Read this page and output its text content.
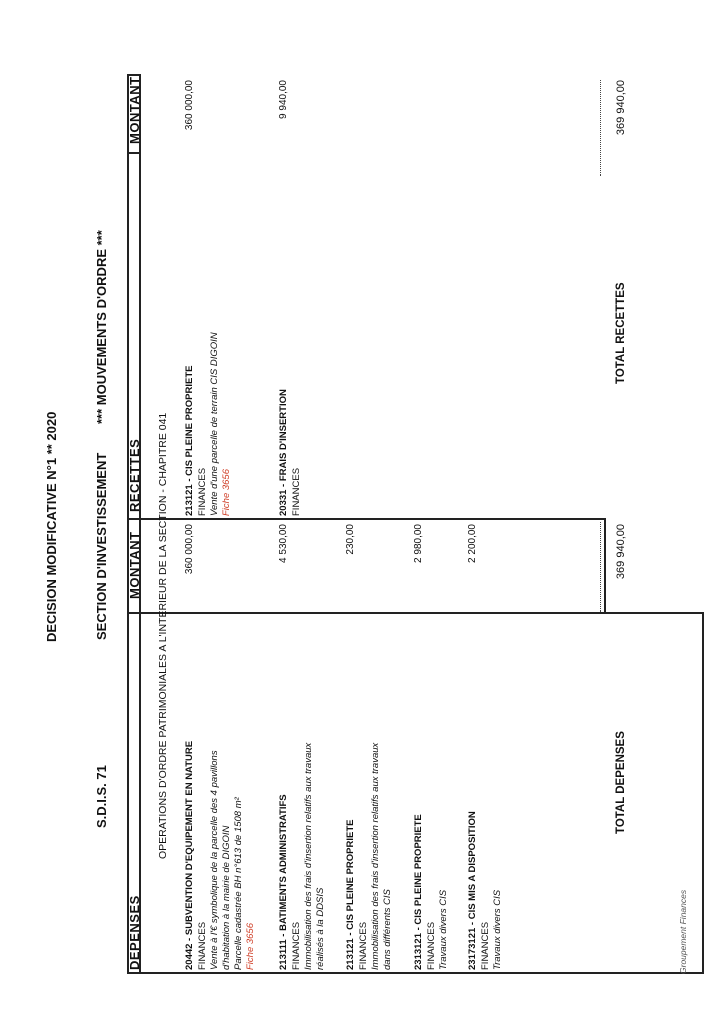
DECISION MODIFICATIVE N°1 ** 2020
S.D.I.S. 71
SECTION D'INVESTISSEMENT
*** MOUVEMENTS D'ORDRE ***
DEPENSES
MONTANT
RECETTES
MONTANT
OPERATIONS D'ORDRE PATRIMONIALES A L'INTERIEUR DE LA SECTION - CHAPITRE 041 20442 - SUBVENTION D'EQUIPEMENT EN NATURE FINANCES Vente à l'€ symbolique de la parcelle des 4 pavillons d'habitation à la mairie de DIGOIN Parcelle cadastrée BH n°613 de 1508 m² Fiche 3656
360 000,00
213111 - BATIMENTS ADMINISTRATIFS FINANCES Immobilisation des frais d'insertion relatifs aux travaux réalisés à la DDSIS
4 530,00
213121 - CIS PLEINE PROPRIETE FINANCES Immobilisation des frais d'insertion relatifs aux travaux dans différents CIS
230,00
2313121 - CIS PLEINE PROPRIETE FINANCES Travaux divers CIS
2 980,00
23173121 - CIS MIS A DISPOSITION FINANCES Travaux divers CIS
2 200,00
213121 - CIS PLEINE PROPRIETE FINANCES Vente d'une parcelle de terrain CIS DIGOIN Fiche 3656
360 000,00
20331 - FRAIS D'INSERTION FINANCES
9 940,00
TOTAL DEPENSES
369 940,00
TOTAL RECETTES
369 940,00
Groupement Finances
